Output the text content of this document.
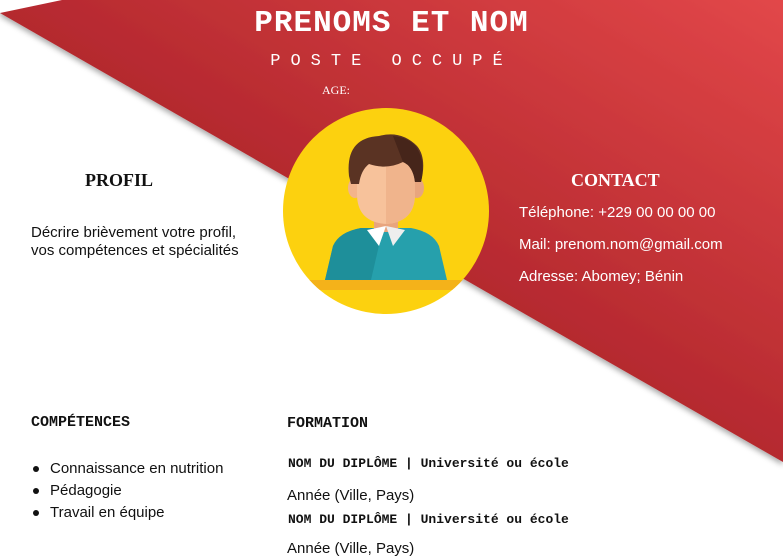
PRENOMS ET NOM
POSTE OCCUPÉ
AGE:
PROFIL
Décrire brièvement votre profil,
vos compétences et spécialités
CONTACT
Téléphone: +229 00 00 00 00
Mail: prenom.nom@gmail.com
Adresse: Abomey; Bénin
COMPÉTENCES
Connaissance en nutrition
Pédagogie
Travail en équipe
FORMATION
NOM DU DIPLÔME | Université ou école
Année (Ville, Pays)
NOM DU DIPLÔME | Université ou école
Année (Ville, Pays)
